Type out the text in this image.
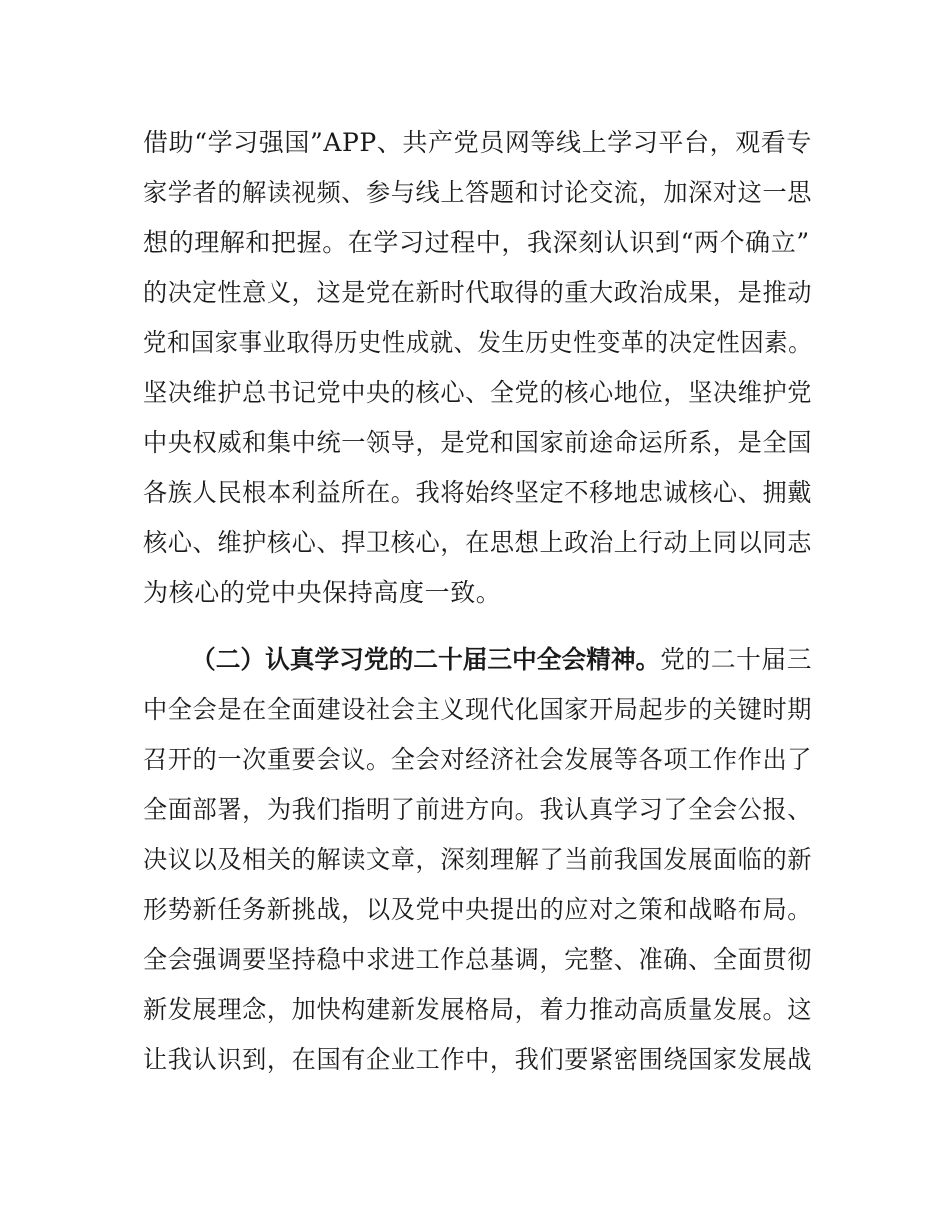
借助“学习强国”APP、共产党员网等线上学习平台，观看专
家学者的解读视频、参与线上答题和讨论交流，加深对这一思
想的理解和把握。在学习过程中，我深刻认识到“两个确立”
的决定性意义，这是党在新时代取得的重大政治成果，是推动
党和国家事业取得历史性成就、发生历史性变革的决定性因素。
坚决维护总书记党中央的核心、全党的核心地位，坚决维护党
中央权威和集中统一领导，是党和国家前途命运所系，是全国
各族人民根本利益所在。我将始终坚定不移地忠诚核心、拥戴
核心、维护核心、捍卫核心，在思想上政治上行动上同以同志
为核心的党中央保持高度一致。
（二）认真学习党的二十届三中全会精神。党的二十届三
中全会是在全面建设社会主义现代化国家开局起步的关键时期
召开的一次重要会议。全会对经济社会发展等各项工作作出了
全面部署，为我们指明了前进方向。我认真学习了全会公报、
决议以及相关的解读文章，深刻理解了当前我国发展面临的新
形势新任务新挑战，以及党中央提出的应对之策和战略布局。
全会强调要坚持稳中求进工作总基调，完整、准确、全面贯彻
新发展理念，加快构建新发展格局，着力推动高质量发展。这
让我认识到，在国有企业工作中，我们要紧密围绕国家发展战
